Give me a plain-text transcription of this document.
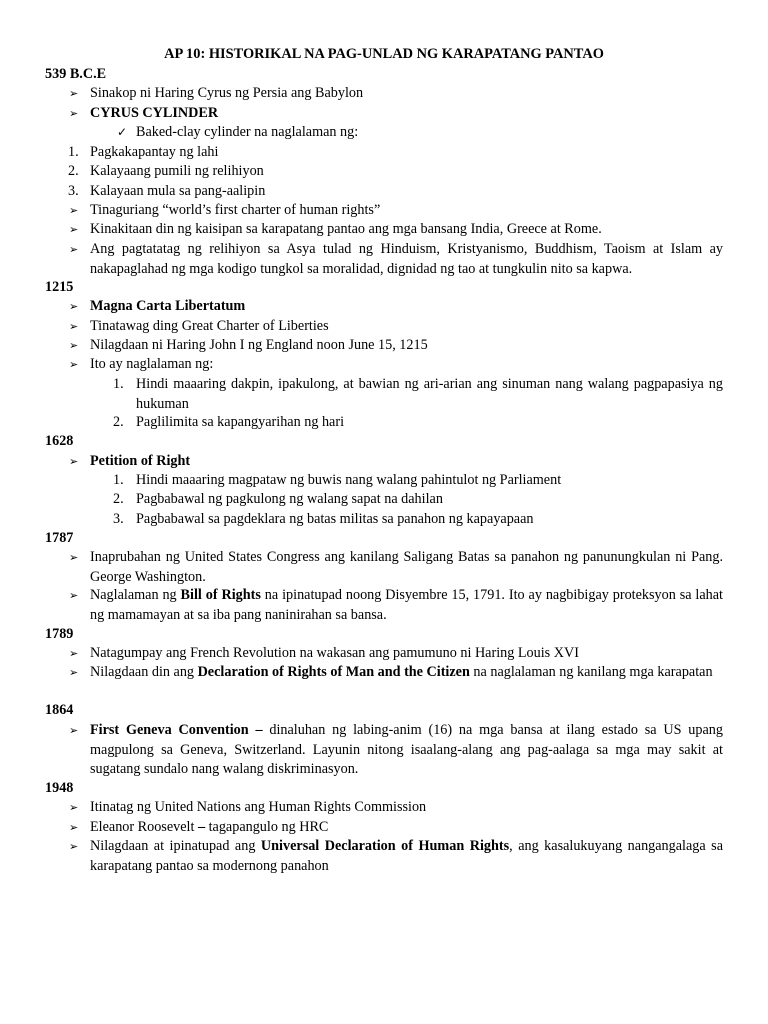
AP 10: HISTORIKAL NA PAG-UNLAD NG KARAPATANG PANTAO
539 B.C.E
➢ Sinakop ni Haring Cyrus ng Persia ang Babylon
➢ CYRUS CYLINDER
✓ Baked-clay cylinder na naglalaman ng:
1. Pagkakapantay ng lahi
2. Kalayaang pumili ng relihiyon
3. Kalayaan mula sa pang-aalipin
➢ Tinaguriang “world’s first charter of human rights”
➢ Kinakitaan din ng kaisipan sa karapatang pantao ang mga bansang India, Greece at Rome.
➢ Ang pagtatatag ng relihiyon sa Asya tulad ng Hinduism, Kristyanismo, Buddhism, Taoism at Islam ay nakapaglahad ng mga kodigo tungkol sa moralidad, dignidad ng tao at tungkulin nito sa kapwa.
1215
➢ Magna Carta Libertatum
➢ Tinatawag ding Great Charter of Liberties
➢ Nilagdaan ni Haring John I ng England noon June 15, 1215
➢ Ito ay naglalaman ng:
1. Hindi maaaring dakpin, ipakulong, at bawian ng ari-arian ang sinuman nang walang pagpapasiya ng hukuman
2. Paglilimita sa kapangyarihan ng hari
1628
➢ Petition of Right
1. Hindi maaaring magpataw ng buwis nang walang pahintulot ng Parliament
2. Pagbabawal ng pagkulong ng walang sapat na dahilan
3. Pagbabawal sa pagdeklara ng batas militas sa panahon ng kapayapaan
1787
➢ Inaprubahan ng United States Congress ang kanilang Saligang Batas sa panahon ng panunungkulan ni Pang. George Washington.
➢ Naglalaman ng Bill of Rights na ipinatupad noong Disyembre 15, 1791. Ito ay nagbibigay proteksyon sa lahat ng mamamayan at sa iba pang naninirahan sa bansa.
1789
➢ Natagumpay ang French Revolution na wakasan ang pamumuno ni Haring Louis XVI
➢ Nilagdaan din ang Declaration of Rights of Man and the Citizen na naglalaman ng kanilang mga karapatan
1864
➢ First Geneva Convention – dinaluhan ng labing-anim (16) na mga bansa at ilang estado sa US upang magpulong sa Geneva, Switzerland. Layunin nitong isaalang-alang ang pag-aalaga sa mga may sakit at sugatang sundalo nang walang diskriminasyon.
1948
➢ Itinatag ng United Nations ang Human Rights Commission
➢ Eleanor Roosevelt – tagapangulo ng HRC
➢ Nilagdaan at ipinatupad ang Universal Declaration of Human Rights, ang kasalukuyang nangangalaga sa karapatang pantao sa modernong panahon
